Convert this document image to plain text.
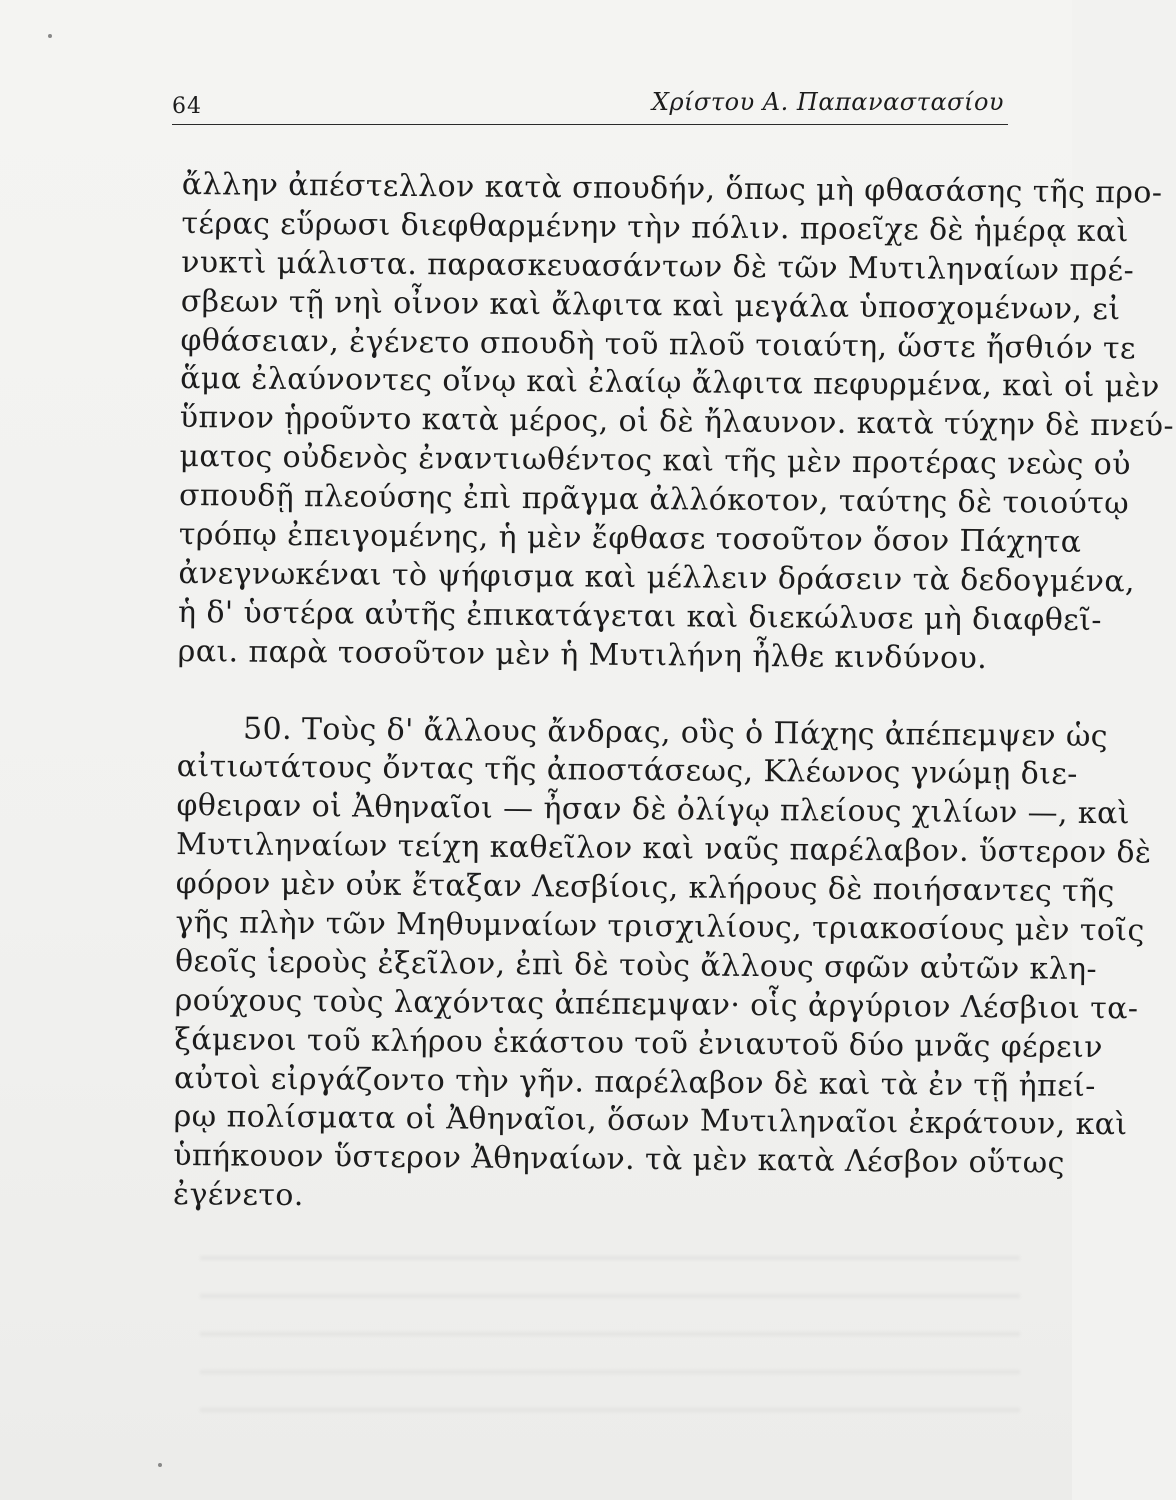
64	Χρίστου Α. Παπαναστασίου
ἄλλην ἀπέστελλον κατὰ σπουδήν, ὅπως μὴ φθασάσης τῆς προ-
τέρας εὕρωσι διεφθαρμένην τὴν πόλιν. προεῖχε δὲ ἡμέρᾳ καὶ
νυκτὶ μάλιστα. παρασκευασάντων δὲ τῶν Μυτιληναίων πρέ-
σβεων τῇ νηὶ οἶνον καὶ ἄλφιτα καὶ μεγάλα ὑποσχομένων, εἰ
φθάσειαν, ἐγένετο σπουδὴ τοῦ πλοῦ τοιαύτη, ὥστε ἤσθιόν τε
ἅμα ἐλαύνοντες οἴνῳ καὶ ἐλαίῳ ἄλφιτα πεφυρμένα, καὶ οἱ μὲν
ὕπνον ᾑροῦντο κατὰ μέρος, οἱ δὲ ἤλαυνον. κατὰ τύχην δὲ πνεύ-
ματος οὐδενὸς ἐναντιωθέντος καὶ τῆς μὲν προτέρας νεὼς οὐ
σπουδῇ πλεούσης ἐπὶ πρᾶγμα ἀλλόκοτον, ταύτης δὲ τοιούτῳ
τρόπῳ ἐπειγομένης, ἡ μὲν ἔφθασε τοσοῦτον ὅσον Πάχητα
ἀνεγνωκέναι τὸ ψήφισμα καὶ μέλλειν δράσειν τὰ δεδογμένα,
ἡ δ' ὑστέρα αὐτῆς ἐπικατάγεται καὶ διεκώλυσε μὴ διαφθεῖ-
ραι. παρὰ τοσοῦτον μὲν ἡ Μυτιλήνη ἦλθε κινδύνου.
50. Τοὺς δ' ἄλλους ἄνδρας, οὓς ὁ Πάχης ἀπέπεμψεν ὡς
αἰτιωτάτους ὄντας τῆς ἀποστάσεως, Κλέωνος γνώμῃ διε-
φθειραν οἱ Ἀθηναῖοι — ἦσαν δὲ ὀλίγῳ πλείους χιλίων —, καὶ
Μυτιληναίων τείχη καθεῖλον καὶ ναῦς παρέλαβον. ὕστερον δὲ
φόρον μὲν οὐκ ἔταξαν Λεσβίοις, κλήρους δὲ ποιήσαντες τῆς
γῆς πλὴν τῶν Μηθυμναίων τρισχιλίους, τριακοσίους μὲν τοῖς
θεοῖς ἱεροὺς ἐξεῖλον, ἐπὶ δὲ τοὺς ἄλλους σφῶν αὐτῶν κλη-
ρούχους τοὺς λαχόντας ἀπέπεμψαν· οἷς ἀργύριον Λέσβιοι τα-
ξάμενοι τοῦ κλήρου ἑκάστου τοῦ ἐνιαυτοῦ δύο μνᾶς φέρειν
αὐτοὶ εἰργάζοντο τὴν γῆν. παρέλαβον δὲ καὶ τὰ ἐν τῇ ἠπεί-
ρῳ πολίσματα οἱ Ἀθηναῖοι, ὅσων Μυτιληναῖοι ἐκράτουν, καὶ
ὑπήκουον ὕστερον Ἀθηναίων. τὰ μὲν κατὰ Λέσβον οὕτως
ἐγένετο.
